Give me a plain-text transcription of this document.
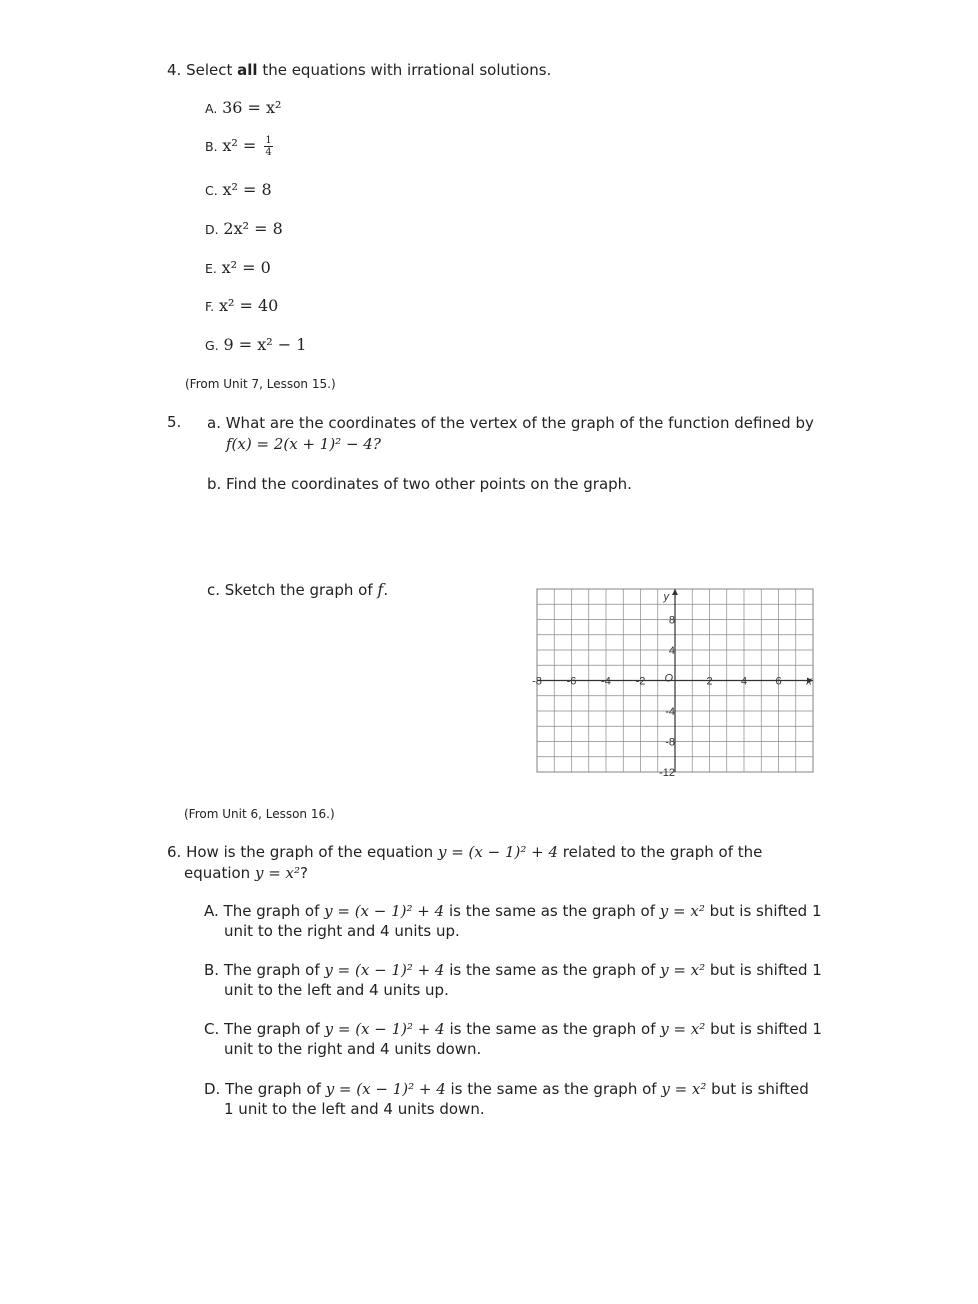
4. Select all the equations with irrational solutions.
A. 36 = x²
B. $x^2 = \frac{1}{4}$
C. x² = 8
D. 2x² = 8
E. x² = 0
F. x² = 40
G. 9 = x² − 1
(From Unit 7, Lesson 15.)
5. a. What are the coordinates of the vertex of the graph of the function defined by
f(x) = 2(x + 1)² − 4?
b. Find the coordinates of two other points on the graph.
c. Sketch the graph of f.
-8 -6 -4 -2	2	4	6
8
4
-4
-8
-12
y
x
O
(From Unit 6, Lesson 16.)
6. How is the graph of the equation y = (x − 1)² + 4 related to the graph of the
equation y = x²?
A. The graph of y = (x − 1)² + 4 is the same as the graph of y = x² but is shifted 1
unit to the right and 4 units up.
B. The graph of y = (x − 1)² + 4 is the same as the graph of y = x² but is shifted 1
unit to the left and 4 units up.
C. The graph of y = (x − 1)² + 4 is the same as the graph of y = x² but is shifted 1
unit to the right and 4 units down.
D. The graph of y = (x − 1)² + 4 is the same as the graph of y = x² but is shifted
1 unit to the left and 4 units down.
